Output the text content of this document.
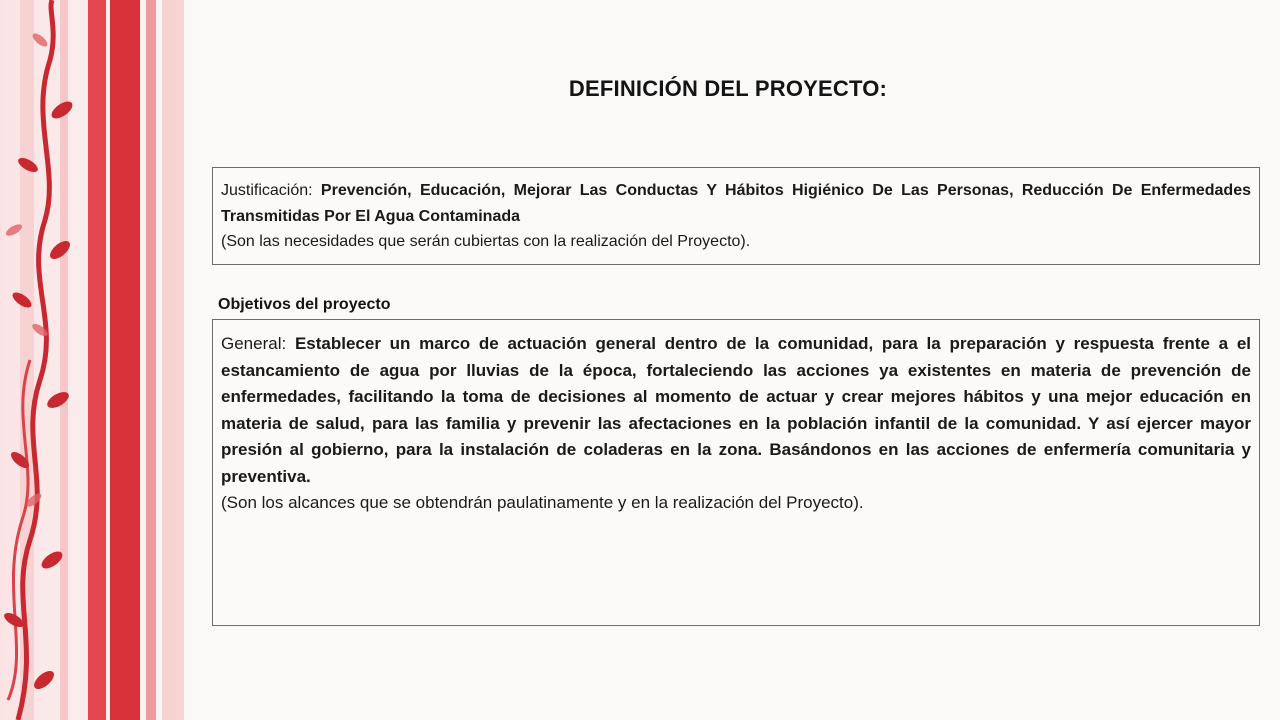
DEFINICIÓN DEL PROYECTO:

Justificación: Prevención, Educación, Mejorar Las Conductas Y Hábitos Higiénico De Las Personas, Reducción De Enfermedades Transmitidas Por El Agua Contaminada

(Son las necesidades que serán cubiertas con la realización del Proyecto).

Objetivos del proyecto

General: Establecer un marco de actuación general dentro de la comunidad, para la preparación y respuesta frente a el estancamiento de agua por lluvias de la época, fortaleciendo las acciones ya existentes en materia de prevención de enfermedades, facilitando la toma de decisiones al momento de actuar y crear mejores hábitos y una mejor educación en materia de salud, para las familia y prevenir las afectaciones en la población infantil de la comunidad. Y así ejercer mayor presión al gobierno, para la instalación de coladeras en la zona. Basándonos en las acciones de enfermería comunitaria y preventiva.

(Son los alcances que se obtendrán paulatinamente y en la realización del Proyecto).
